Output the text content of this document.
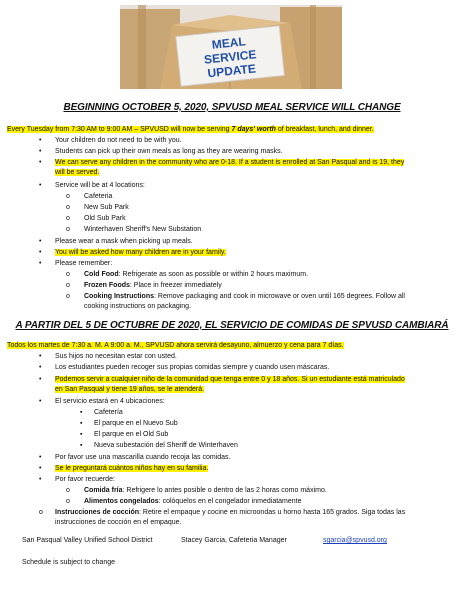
MEAL
SERVICE
UPDATE
BEGINNING OCTOBER 5, 2020, SPVUSD MEAL SERVICE WILL CHANGE
Every Tuesday from 7:30 AM to 9:00 AM – SPVUSD will now be serving 7 days' worth of breakfast, lunch, and dinner.
• Your children do not need to be with you.
• Students can pick up their own meals as long as they are wearing masks.
• We can serve any children in the community who are 0-18. If a student is enrolled at San Pasqual and is 19, they
will be served.
• Service will be at 4 locations:
o Cafeteria
o New Sub Park
o Old Sub Park
o Winterhaven Sheriff's New Substation
• Please wear a mask when picking up meals.
• You will be asked how many children are in your family.
• Please remember:
o Cold Food: Refrigerate as soon as possible or within 2 hours maximum.
o Frozen Foods: Place in freezer immediately
o Cooking Instructions: Remove packaging and cook in microwave or oven until 165 degrees. Follow all
cooking instructions on packaging.
A PARTIR DEL 5 DE OCTUBRE DE 2020, EL SERVICIO DE COMIDAS DE SPVUSD CAMBIARÁ
Todos los martes de 7:30 a. M. A 9:00 a. M., SPVUSD ahora servirá desayuno, almuerzo y cena para 7 días.
• Sus hijos no necesitan estar con usted.
• Los estudiantes pueden recoger sus propias comidas siempre y cuando usen máscaras.
• Podemos servir a cualquier niño de la comunidad que tenga entre 0 y 18 años. Si un estudiante está matriculado
en San Pasqual y tiene 19 años, se le atenderá.
• El servicio estará en 4 ubicaciones:
▪ Cafetería
▪ El parque en el Nuevo Sub
▪ El parque en el Old Sub
▪ Nueva subestación del Sheriff de Winterhaven
• Por favor use una mascarilla cuando recoja las comidas.
• Se le preguntará cuántos niños hay en su familia.
• Por favor recuerde:
o Comida fría: Refrigere lo antes posible o dentro de las 2 horas como máximo.
o Alimentos congelados: colóquelos en el congelador inmediatamente
o Instrucciones de cocción: Retire el empaque y cocine en microondas u horno hasta 165 grados. Siga todas las
instrucciones de cocción en el empaque.
San Pasqual Valley Unified School District	Stacey Garcia, Cafeteria Manager	sgarcia@spvusd.org
Schedule is subject to change
